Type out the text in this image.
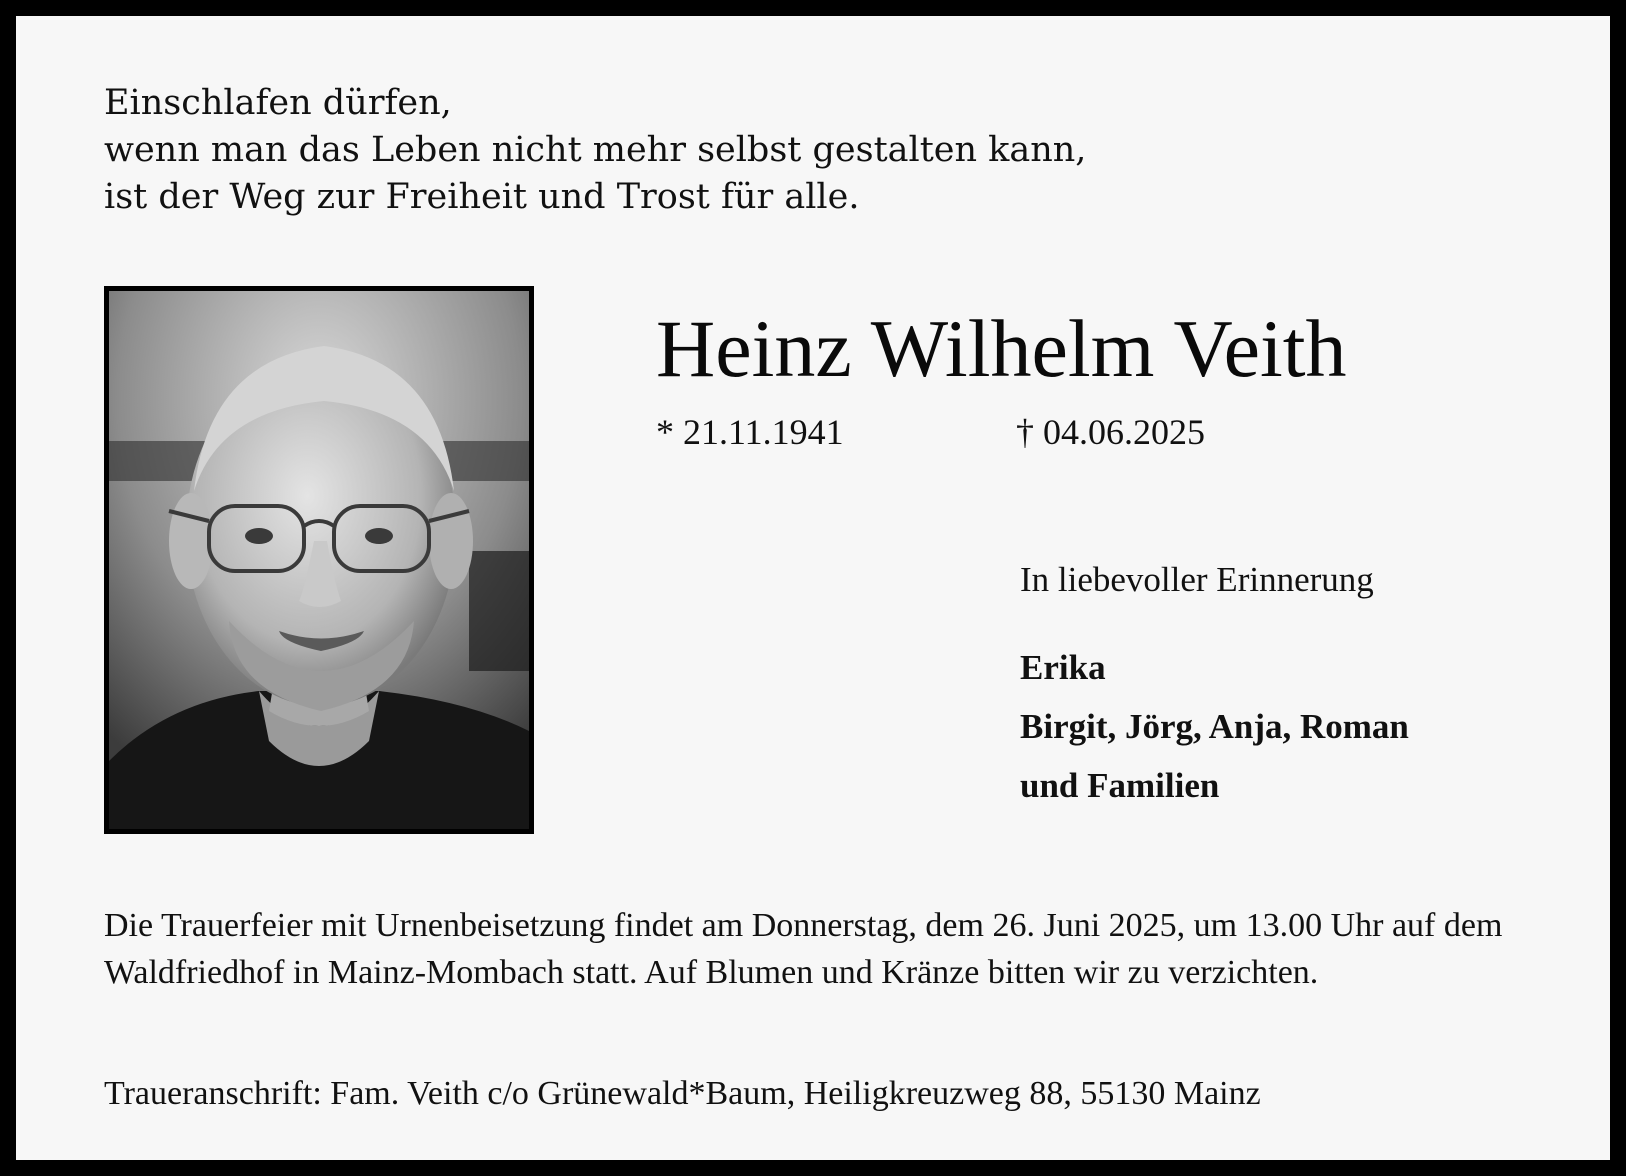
Einschlafen dürfen,
wenn man das Leben nicht mehr selbst gestalten kann,
ist der Weg zur Freiheit und Trost für alle.
Heinz Wilhelm Veith
* 21.11.1941	† 04.06.2025
In liebevoller Erinnerung
Erika
Birgit, Jörg, Anja, Roman
und Familien
Die Trauerfeier mit Urnenbeisetzung findet am Donnerstag, dem 26. Juni 2025, um 13.00 Uhr auf dem Waldfriedhof in Mainz-Mombach statt. Auf Blumen und Kränze bitten wir zu verzichten.
Traueranschrift: Fam. Veith c/o Grünewald*Baum, Heiligkreuzweg 88, 55130 Mainz
